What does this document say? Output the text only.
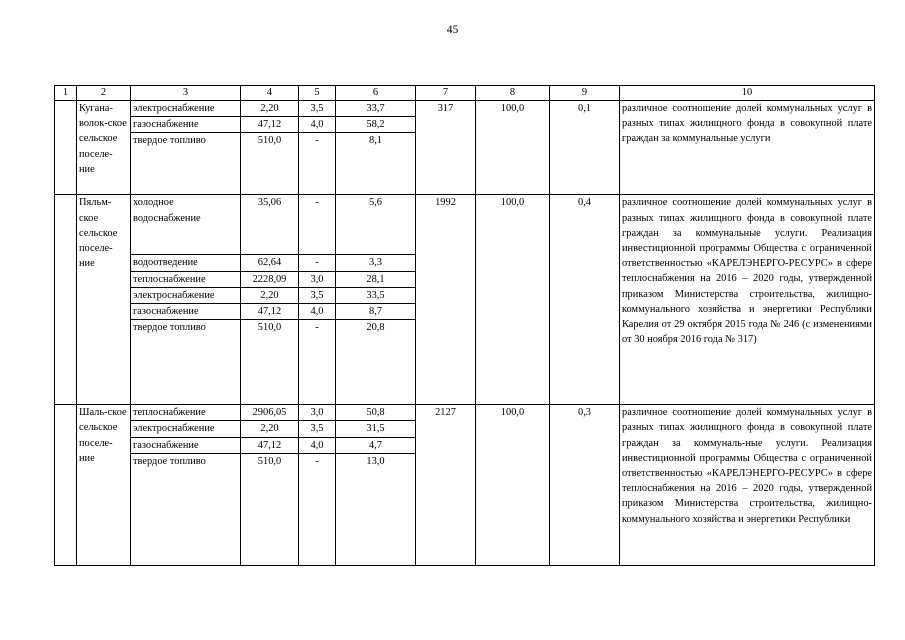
45
1	2	3	4	5	6	7	8	9	10
	Кугана-волок-ское сельское поселе-ние	электроснабжение	2,20	3,5	33,7	317	100,0	0,1	различное соотношение долей коммунальных услуг в разных типах жилищного фонда в совокупной плате граждан за коммунальные услуги
		газоснабжение	47,12	4,0	58,2				
		твердое топливо	510,0	-	8,1				
	Пяльм-ское сельское поселе-ние	холодное водоснабжение	35,06	-	5,6	1992	100,0	0,4	различное соотношение долей коммунальных услуг в разных типах жилищного фонда в совокупной плате граждан за коммунальные услуги. Реализация инвестиционной программы Общества с ограниченной ответственностью «КАРЕЛЭНЕРГО-РЕСУРС» в сфере теплоснабжения на 2016 – 2020 годы, утвержденной приказом Министерства строительства, жилищно-коммунального хозяйства и энергетики Республики Карелия от 29 октября 2015 года № 246 (с изменениями от 30 ноября 2016 года № 317)
		водоотведение	62,64	-	3,3				
		теплоснабжение	2228,09	3,0	28,1				
		электроснабжение	2,20	3,5	33,5				
		газоснабжение	47,12	4,0	8,7				
		твердое топливо	510,0	-	20,8				
	Шаль-ское сельское поселе-ние	теплоснабжение	2906,05	3,0	50,8	2127	100,0	0,3	различное соотношение долей коммунальных услуг в разных типах жилищного фонда в совокупной плате граждан за коммуналь-ные услуги. Реализация инвестиционной программы Общества с ограниченной ответственностью «КАРЕЛЭНЕРГО-РЕСУРС» в сфере теплоснабжения на 2016 – 2020 годы, утвержденной приказом Министерства строительства, жилищно-коммунального хозяйства и энергетики Республики
		электроснабжение	2,20	3,5	31,5				
		газоснабжение	47,12	4,0	4,7				
		твердое топливо	510,0	-	13,0				
